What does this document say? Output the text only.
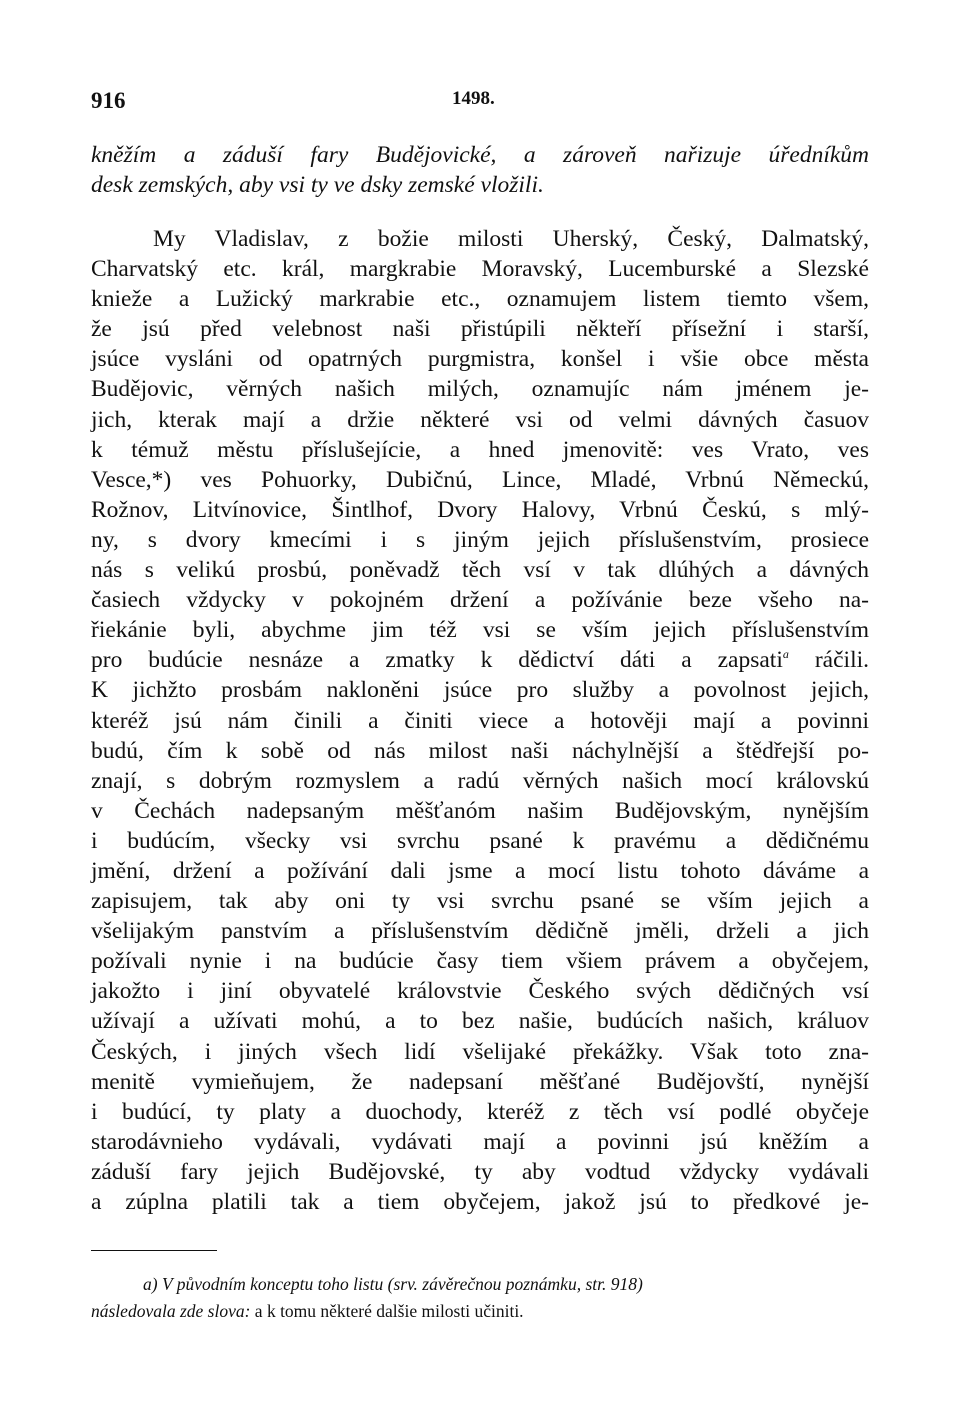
916	1498.
kněžím a záduší fary Budějovické, a zároveň nařizuje úředníkům
desk zemských, aby vsi ty ve dsky zemské vložili.
My Vladislav, z božie milosti Uherský, Český, Dalmatský,
Charvatský etc. král, margkrabie Moravský, Lucemburské a Slezské
knieže a Lužický markrabie etc., oznamujem listem tiemto všem,
že jsú před velebnost naši přistúpili někteří přísežní i starší,
jsúce vysláni od opatrných purgmistra, konšel i všie obce města
Budějovic, věrných našich milých, oznamujíc nám jménem je-
jich, kterak mají a držie některé vsi od velmi dávných časuov
k témuž městu příslušejície, a hned jmenovitě: ves Vrato, ves
Vesce,*) ves Pohuorky, Dubičnú, Lince, Mladé, Vrbnú Německú,
Rožnov, Litvínovice, Šintlhof, Dvory Halovy, Vrbnú Českú, s mlý-
ny, s dvory kmecími i s jiným jejich příslušenstvím, prosiece
nás s velikú prosbú, poněvadž těch vsí v tak dlúhých a dávných
časiech vždycky v pokojném držení a požívánie beze všeho na-
řiekánie byli, abychme jim též vsi se vším jejich příslušenstvím
pro budúcie nesnáze a zmatky k dědictví dáti a zapsati$^a$ ráčili.
K jichžto prosbám nakloněni jsúce pro služby a povolnost jejich,
kteréž jsú nám činili a činiti viece a hotověji mají a povinni
budú, čím k sobě od nás milost naši náchylnější a štědřejší po-
znají, s dobrým rozmyslem a radú věrných našich mocí královskú
v Čechách nadepsaným měšťanóm našim Budějovským, nynějším
i budúcím, všecky vsi svrchu psané k pravému a dědičnému
jmění, držení a požívání dali jsme a mocí listu tohoto dáváme a
zapisujem, tak aby oni ty vsi svrchu psané se vším jejich a
všelijakým panstvím a příslušenstvím dědičně jměli, drželi a jich
požívali nynie i na budúcie časy tiem všiem právem a obyčejem,
jakožto i jiní obyvatelé královstvie Českého svých dědičných vsí
užívají a užívati mohú, a to bez našie, budúcích našich, králuov
Českých, i jiných všech lidí všelijaké překážky. Však toto zna-
menitě vymieňujem, že nadepsaní měšťané Budějovští, nynější
i budúcí, ty platy a duochody, kteréž z těch vsí podlé obyčeje
starodávnieho vydávali, vydávati mají a povinni jsú kněžím a
záduší fary jejich Budějovské, ty aby vodtud vždycky vydávali
a zúplna platili tak a tiem obyčejem, jakož jsú to předkové je-
a) V původním konceptu toho listu (srv. závěrečnou poznámku, str. 918)
následovala zde slova: a k tomu některé dalšie milosti učiniti.
